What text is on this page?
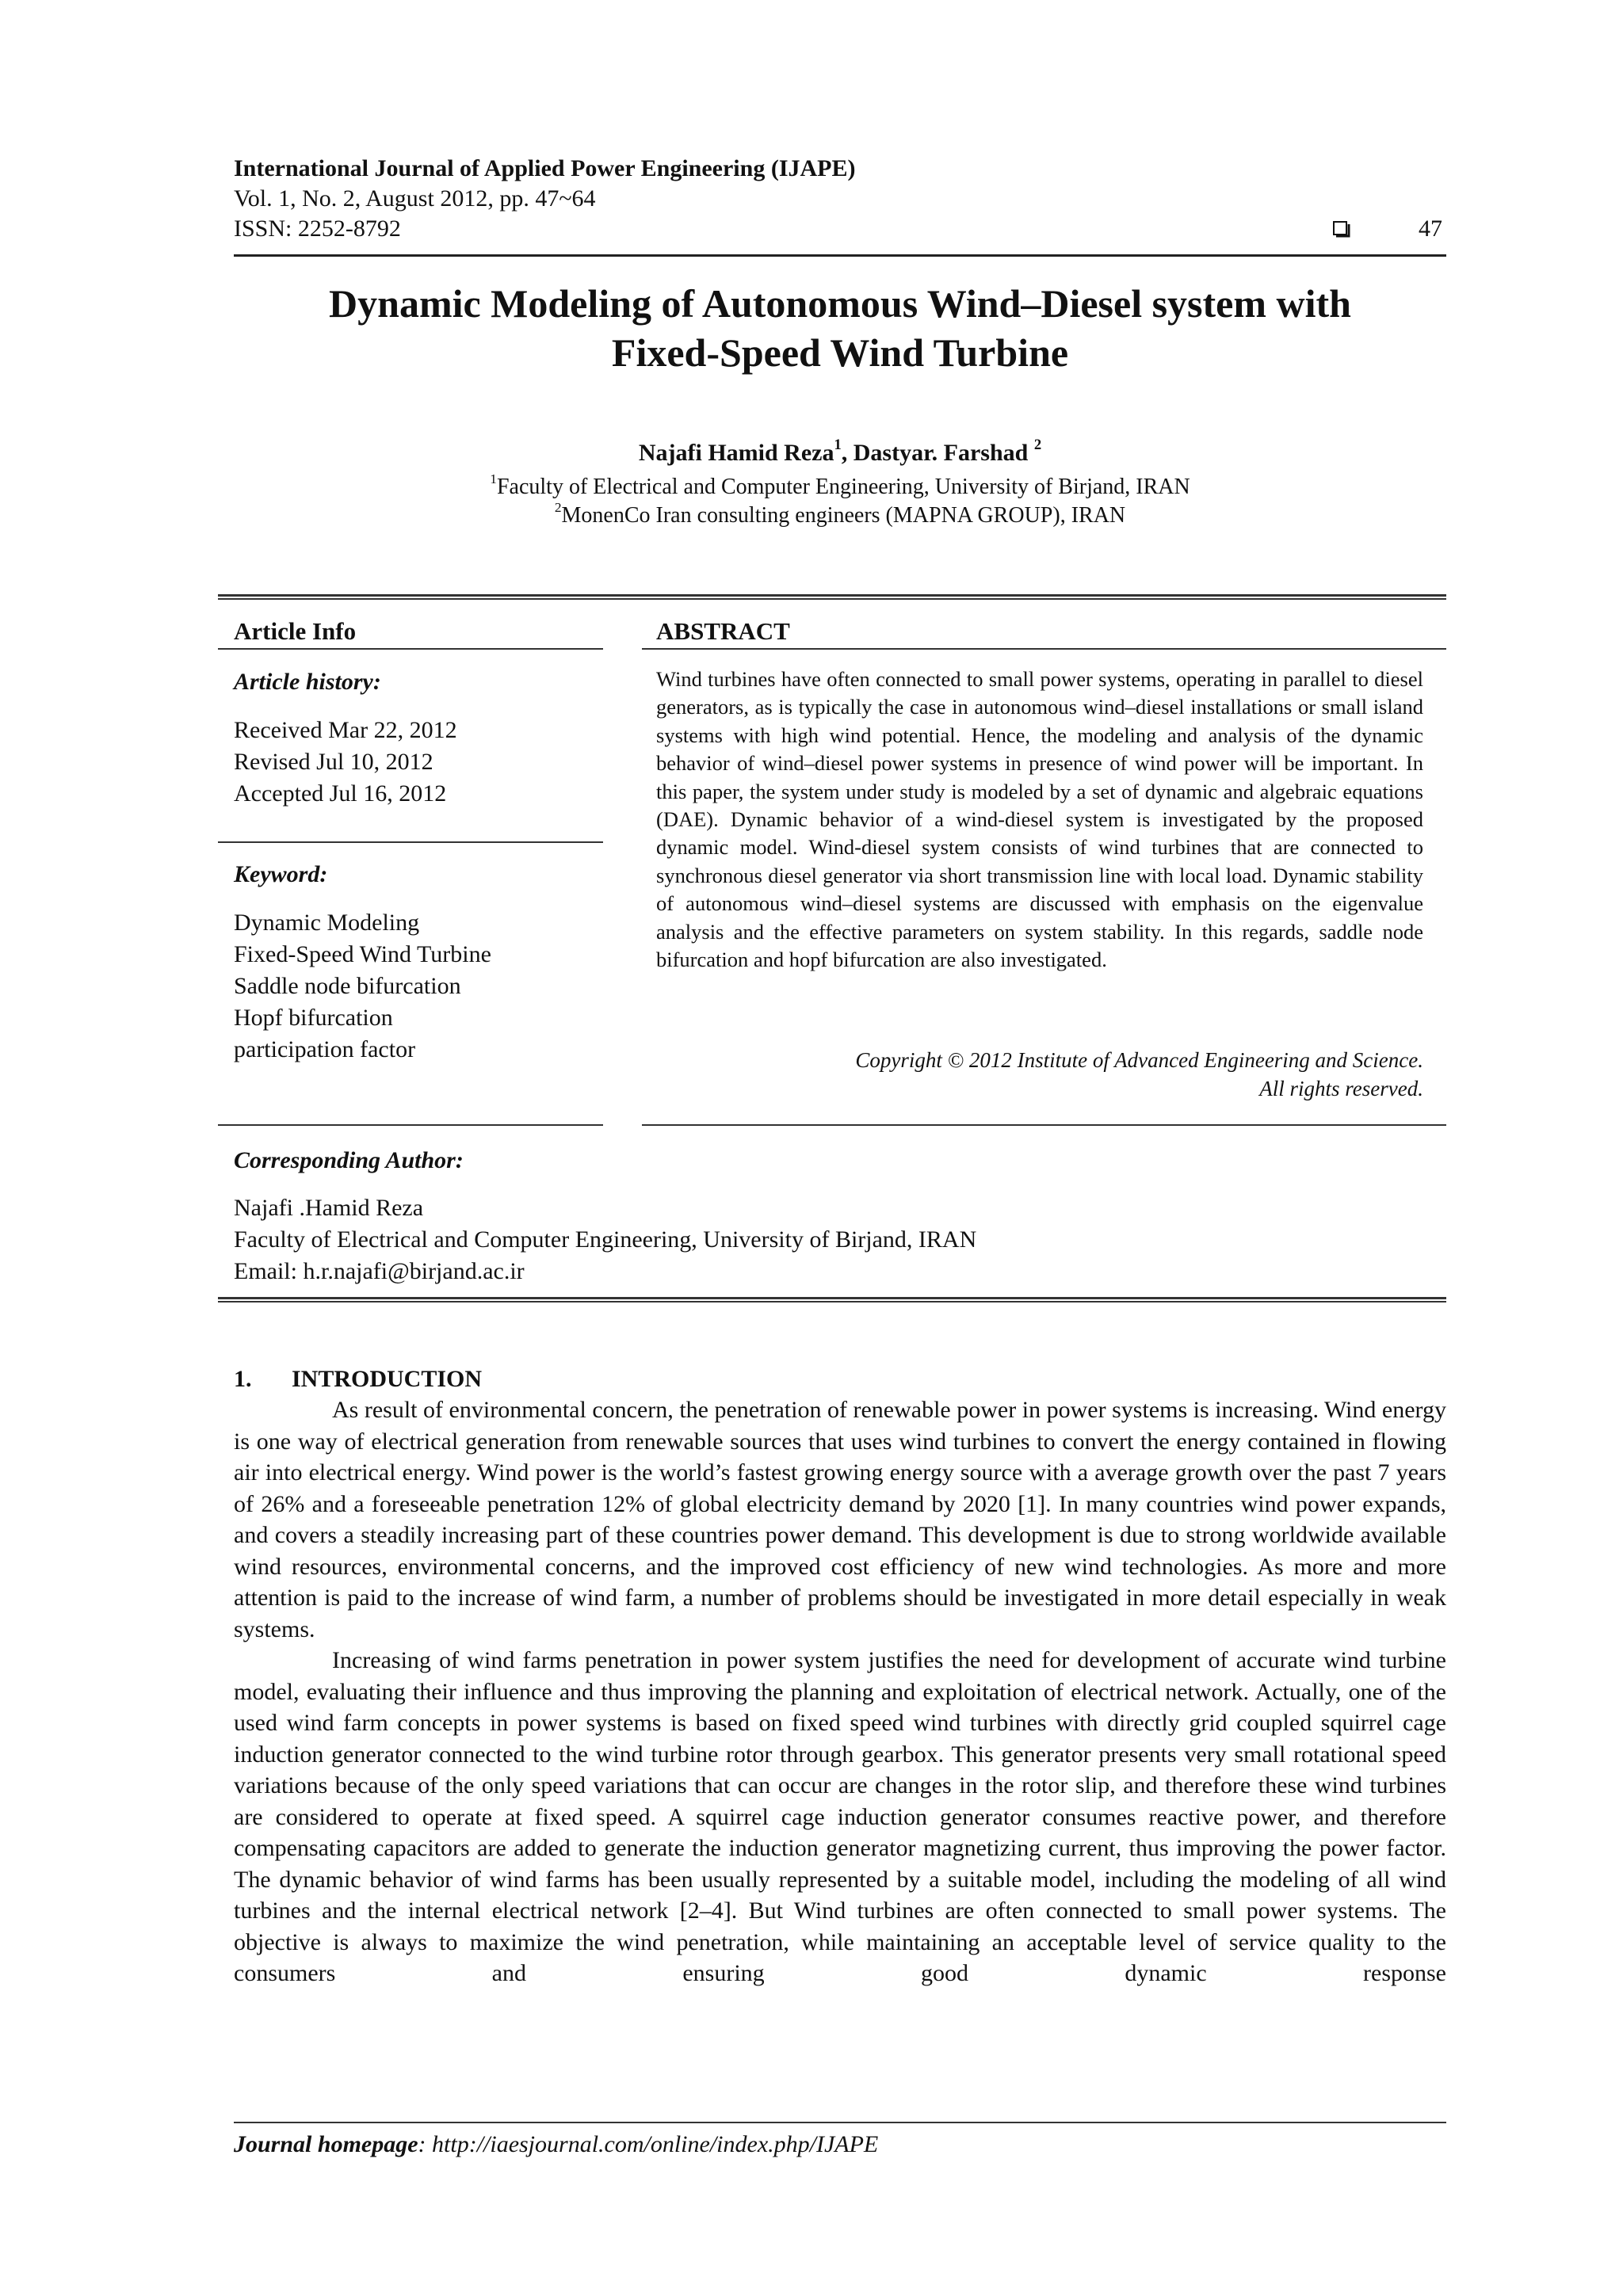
International Journal of Applied Power Engineering (IJAPE)
Vol. 1, No. 2, August 2012, pp. 47~64
ISSN: 2252-8792	47
Dynamic Modeling of Autonomous Wind–Diesel system with
Fixed-Speed Wind Turbine
Najafi Hamid Reza$^1$, Dastyar. Farshad $^2$
$^1$Faculty of Electrical and Computer Engineering, University of Birjand, IRAN
$^2$MonenCo Iran consulting engineers (MAPNA GROUP), IRAN
Article Info
Article history:
Received Mar 22, 2012
Revised Jul 10, 2012
Accepted Jul 16, 2012
Keyword:
Dynamic Modeling
Fixed-Speed Wind Turbine
Saddle node bifurcation
Hopf bifurcation
participation factor
ABSTRACT
Wind turbines have often connected to small power systems, operating in parallel to diesel generators, as is typically the case in autonomous wind–diesel installations or small island systems with high wind potential. Hence, the modeling and analysis of the dynamic behavior of wind–diesel power systems in presence of wind power will be important. In this paper, the system under study is modeled by a set of dynamic and algebraic equations (DAE). Dynamic behavior of a wind-diesel system is investigated by the proposed dynamic model. Wind-diesel system consists of wind turbines that are connected to synchronous diesel generator via short transmission line with local load. Dynamic stability of autonomous wind–diesel systems are discussed with emphasis on the eigenvalue analysis and the effective parameters on system stability. In this regards, saddle node bifurcation and hopf bifurcation are also investigated.
Copyright © 2012 Institute of Advanced Engineering and Science.
All rights reserved.
Corresponding Author:
Najafi .Hamid Reza
Faculty of Electrical and Computer Engineering, University of Birjand, IRAN
Email: h.r.najafi@birjand.ac.ir
1. INTRODUCTION

As result of environmental concern, the penetration of renewable power in power systems is increasing. Wind energy is one way of electrical generation from renewable sources that uses wind turbines to convert the energy contained in flowing air into electrical energy. Wind power is the world’s fastest growing energy source with a average growth over the past 7 years of 26% and a foreseeable penetration 12% of global electricity demand by 2020 [1]. In many countries wind power expands, and covers a steadily increasing part of these countries power demand. This development is due to strong worldwide available wind resources, environmental concerns, and the improved cost efficiency of new wind technologies. As more and more attention is paid to the increase of wind farm, a number of problems should be investigated in more detail especially in weak systems.

Increasing of wind farms penetration in power system justifies the need for development of accurate wind turbine model, evaluating their influence and thus improving the planning and exploitation of electrical network. Actually, one of the used wind farm concepts in power systems is based on fixed speed wind turbines with directly grid coupled squirrel cage induction generator connected to the wind turbine rotor through gearbox. This generator presents very small rotational speed variations because of the only speed variations that can occur are changes in the rotor slip, and therefore these wind turbines are considered to operate at fixed speed. A squirrel cage induction generator consumes reactive power, and therefore compensating capacitors are added to generate the induction generator magnetizing current, thus improving the power factor. The dynamic behavior of wind farms has been usually represented by a suitable model, including the modeling of all wind turbines and the internal electrical network [2–4]. But Wind turbines are often connected to small power systems. The objective is always to maximize the wind penetration, while maintaining an acceptable level of service quality to the consumers and ensuring good dynamic response

Journal homepage: http://iaesjournal.com/online/index.php/IJAPE
